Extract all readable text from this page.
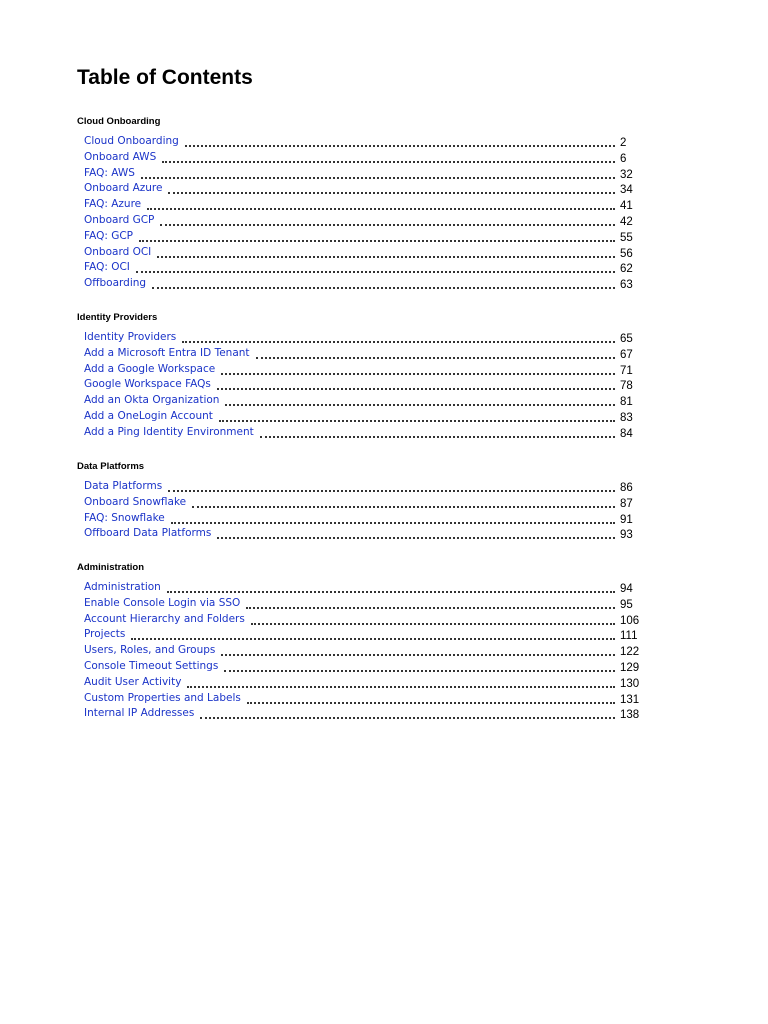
Table of Contents
Cloud Onboarding
Cloud Onboarding	2
Onboard AWS	6
FAQ: AWS	32
Onboard Azure	34
FAQ: Azure	41
Onboard GCP	42
FAQ: GCP	55
Onboard OCI	56
FAQ: OCI	62
Offboarding	63
Identity Providers
Identity Providers	65
Add a Microsoft Entra ID Tenant	67
Add a Google Workspace	71
Google Workspace FAQs	78
Add an Okta Organization	81
Add a OneLogin Account	83
Add a Ping Identity Environment	84
Data Platforms
Data Platforms	86
Onboard Snowflake	87
FAQ: Snowflake	91
Offboard Data Platforms	93
Administration
Administration	94
Enable Console Login via SSO	95
Account Hierarchy and Folders	106
Projects	111
Users, Roles, and Groups	122
Console Timeout Settings	129
Audit User Activity	130
Custom Properties and Labels	131
Internal IP Addresses	138
